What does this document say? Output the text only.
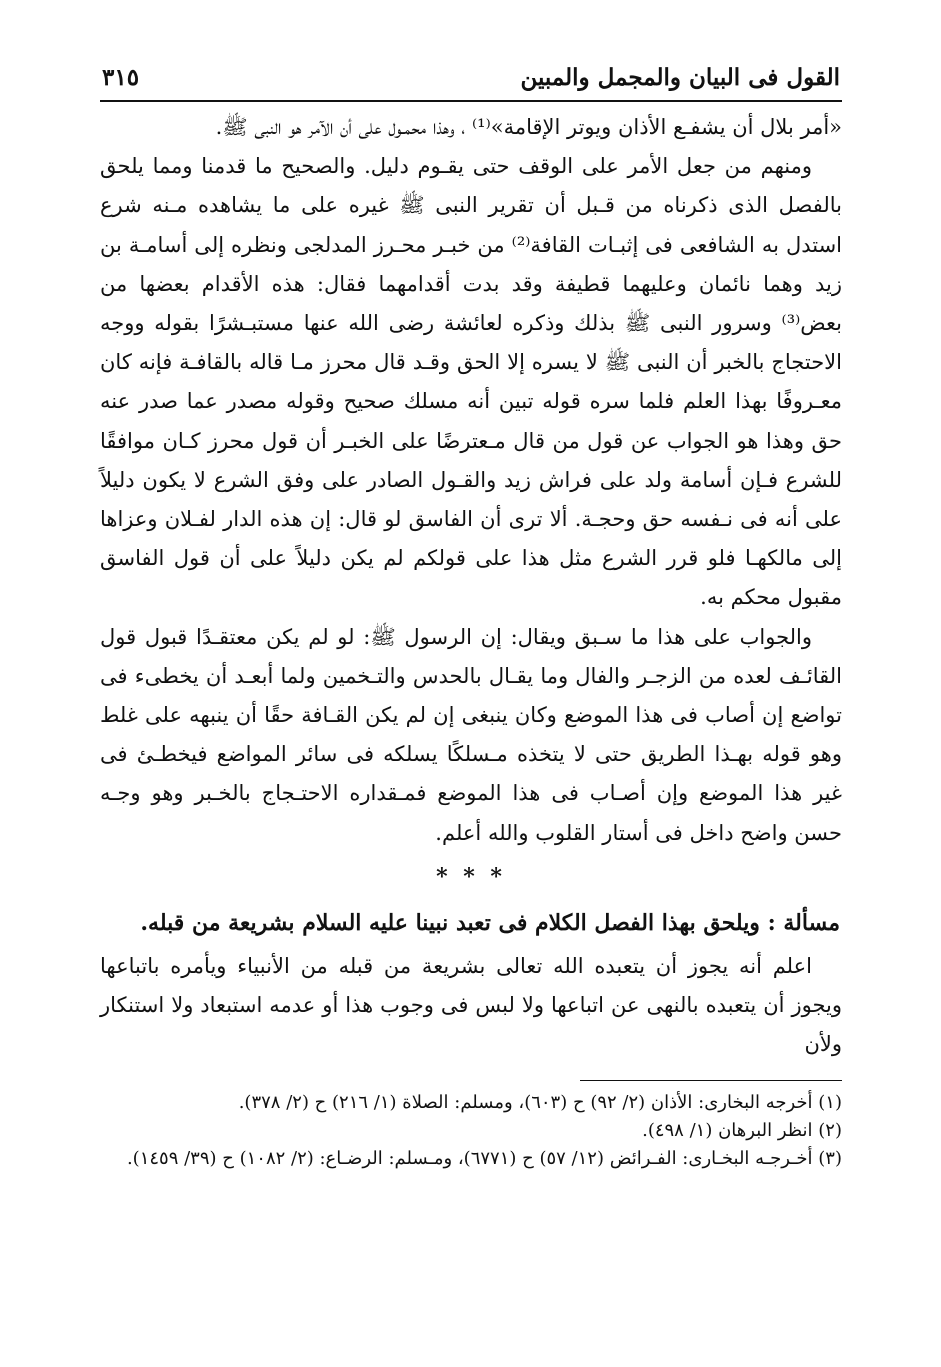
القول فى البيان والمجمل والمبين
٣١٥

«أمر بلال أن يشفـع الأذان ويوتر الإقامة»⁽¹⁾ ، وهذا محمـول على أن الآمر هو النبى ﷺ.

ومنهم من جعل الأمر على الوقف حتى يقـوم دليل. والصحيح ما قدمنا ومما يلحق بالفصل الذى ذكرناه من قـبل أن تقرير النبى ﷺ غيره على ما يشاهده مـنه شرع استدل به الشافعى فى إثبـات القافة⁽²⁾ من خبـر محـرز المدلجى ونظره إلى أسامـة بن زيد وهما نائمان وعليهما قطيفة وقد بدت أقدامهما فقال: هذه الأقدام بعضها من بعض⁽³⁾ وسرور النبى ﷺ بذلك وذكره لعائشة رضى الله عنها مستبـشرًا بقوله ووجه الاحتجاج بالخبر أن النبى ﷺ لا يسره إلا الحق وقـد قال محرز مـا قاله بالقافـة فإنه كان معـروفًا بهذا العلم فلما سره قوله تبين أنه مسلك صحيح وقوله مصدر عما صدر عنه حق وهذا هو الجواب عن قول من قال مـعترضًا على الخبـر أن قول محرز كـان موافقًا للشرع فـإن أسامة ولد على فراش زيد والقـول الصادر على وفق الشرع لا يكون دليلاً على أنه فى نـفسه حق وحجـة. ألا ترى أن الفاسق لو قال: إن هذه الدار لفـلان وعزاها إلى مالكهـا فلو قرر الشرع مثل هذا على قولكم لم يكن دليلاً على أن قول الفاسق مقبول محكم به.

والجواب على هذا ما سـبق ويقال: إن الرسول ﷺ: لو لم يكن معتقـدًا قبول قول القائـف لعده من الزجـر والفال وما يقـال بالحدس والتـخمين ولما أبعـد أن يخطىء فى تواضع إن أصاب فى هذا الموضع وكان ينبغى إن لم يكن القـافة حقًا أن ينبهه على غلط وهو قوله بهـذا الطريق حتى لا يتخذه مـسلكًا يسلكه فى سائر المواضع فيخطـئ فى غير هذا الموضع وإن أصـاب فى هذا الموضع فمـقداره الاحتـجاج بالخـبر وهو وجـه حسن واضح داخل فى أستار القلوب والله أعلم.

* * *
مسألة : ويلحق بهذا الفصل الكلام فى تعبد نبينا عليه السلام بشريعة من قبله.

اعلم أنه يجوز أن يتعبده الله تعالى بشريعة من قبله من الأنبياء ويأمره باتباعها ويجوز أن يتعبده بالنهى عن اتباعها ولا لبس فى وجوب هذا أو عدمه استبعاد ولا استنكار ولأن

(١) أخرجه البخارى: الأذان (٢/ ٩٢) ح (٦٠٣)، ومسلم: الصلاة (١/ ٢١٦) ح (٢/ ٣٧٨).

(٢) انظر البرهان (١/ ٤٩٨).

(٣) أخـرجـه البخـارى: الفـرائض (١٢/ ٥٧) ح (٦٧٧١)، ومـسلم: الرضـاع: (٢/ ١٠٨٢) ح (٣٩/ ١٤٥٩).
